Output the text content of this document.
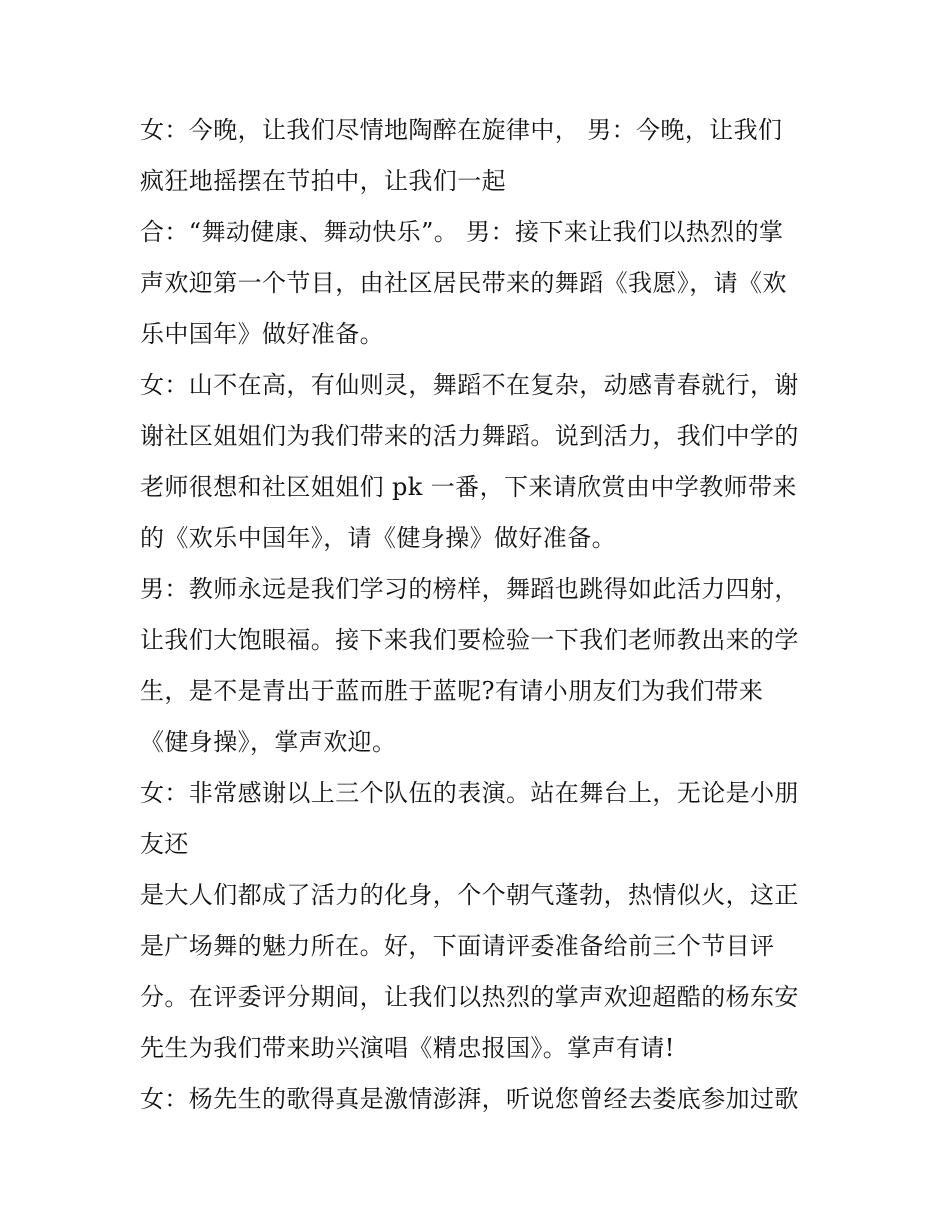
女：今晚，让我们尽情地陶醉在旋律中， 男：今晚，让我们
疯狂地摇摆在节拍中，让我们一起
合：“舞动健康、舞动快乐”。 男：接下来让我们以热烈的掌
声欢迎第一个节目，由社区居民带来的舞蹈《我愿》，请《欢
乐中国年》做好准备。
女：山不在高，有仙则灵，舞蹈不在复杂，动感青春就行，谢
谢社区姐姐们为我们带来的活力舞蹈。说到活力，我们中学的
老师很想和社区姐姐们 pk 一番，下来请欣赏由中学教师带来
的《欢乐中国年》，请《健身操》做好准备。
男：教师永远是我们学习的榜样，舞蹈也跳得如此活力四射，
让我们大饱眼福。接下来我们要检验一下我们老师教出来的学
生，是不是青出于蓝而胜于蓝呢?有请小朋友们为我们带来
《健身操》，掌声欢迎。
女：非常感谢以上三个队伍的表演。站在舞台上，无论是小朋
友还
是大人们都成了活力的化身，个个朝气蓬勃，热情似火，这正
是广场舞的魅力所在。好，下面请评委准备给前三个节目评
分。在评委评分期间，让我们以热烈的掌声欢迎超酷的杨东安
先生为我们带来助兴演唱《精忠报国》。掌声有请!
女：杨先生的歌得真是激情澎湃，听说您曾经去娄底参加过歌
